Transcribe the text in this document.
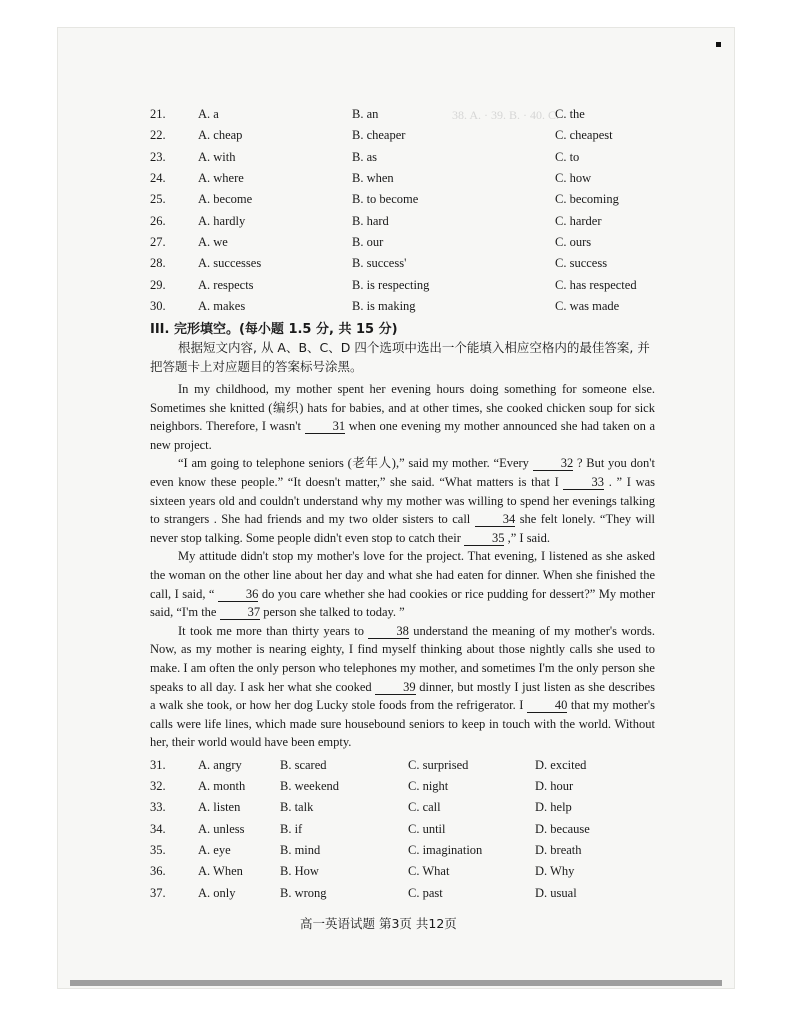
38. A. · 39. B. · 40. C.
21.	A. a	B. an	C. the
22.	A. cheap	B. cheaper	C. cheapest
23.	A. with	B. as	C. to
24.	A. where	B. when	C. how
25.	A. become	B. to become	C. becoming
26.	A. hardly	B. hard	C. harder
27.	A. we	B. our	C. ours
28.	A. successes	B. success'	C. success
29.	A. respects	B. is respecting	C. has respected
30.	A. makes	B. is making	C. was made
III. 完形填空。(每小题 1.5 分, 共 15 分)
根据短文内容, 从 A、B、C、D 四个选项中选出一个能填入相应空格内的最佳答案, 并把答题卡上对应题目的答案标号涂黑。

In my childhood, my mother spent her evening hours doing something for someone else. Sometimes she knitted (编织) hats for babies, and at other times, she cooked chicken soup for sick neighbors. Therefore, I wasn't	31 when one evening my mother announced she had taken on a new project.

“I am going to telephone seniors (老年人),” said my mother. “Every	32 ? But you don't even know these people.” “It doesn't matter,” she said. “What matters is that I	33 . ” I was sixteen years old and couldn't understand why my mother was willing to spend her evenings talking to strangers . She had friends and my two older sisters to call	34 she felt lonely. “They will never stop talking. Some people didn't even stop to catch their 35 ,” I said.

My attitude didn't stop my mother's love for the project. That evening, I listened as she asked the woman on the other line about her day and what she had eaten for dinner. When she finished the call, I said, “	36 do you care whether she had cookies or rice pudding for dessert?” My mother said, “I'm the 37 person she talked to today. ”

It took me more than thirty years to	38 understand the meaning of my mother's words. Now, as my mother is nearing eighty, I find myself thinking about those nightly calls she used to make. I am often the only person who telephones my mother, and sometimes I'm the only person she speaks to all day. I ask her what she cooked	39 dinner, but mostly I just listen as she describes a walk she took, or how her dog Lucky stole foods from the refrigerator. I	40 that my mother's calls were life lines, which made sure housebound seniors to keep in touch with the world. Without her, their world would have been empty.

31.	A. angry	B. scared	C. surprised	D. excited
32.	A. month	B. weekend	C. night	D. hour
33.	A. listen	B. talk	C. call	D. help
34.	A. unless	B. if	C. until	D. because
35.	A. eye	B. mind	C. imagination	D. breath
36.	A. When	B. How	C. What	D. Why
37.	A. only	B. wrong	C. past	D. usual
高一英语试题 第3页 共12页
